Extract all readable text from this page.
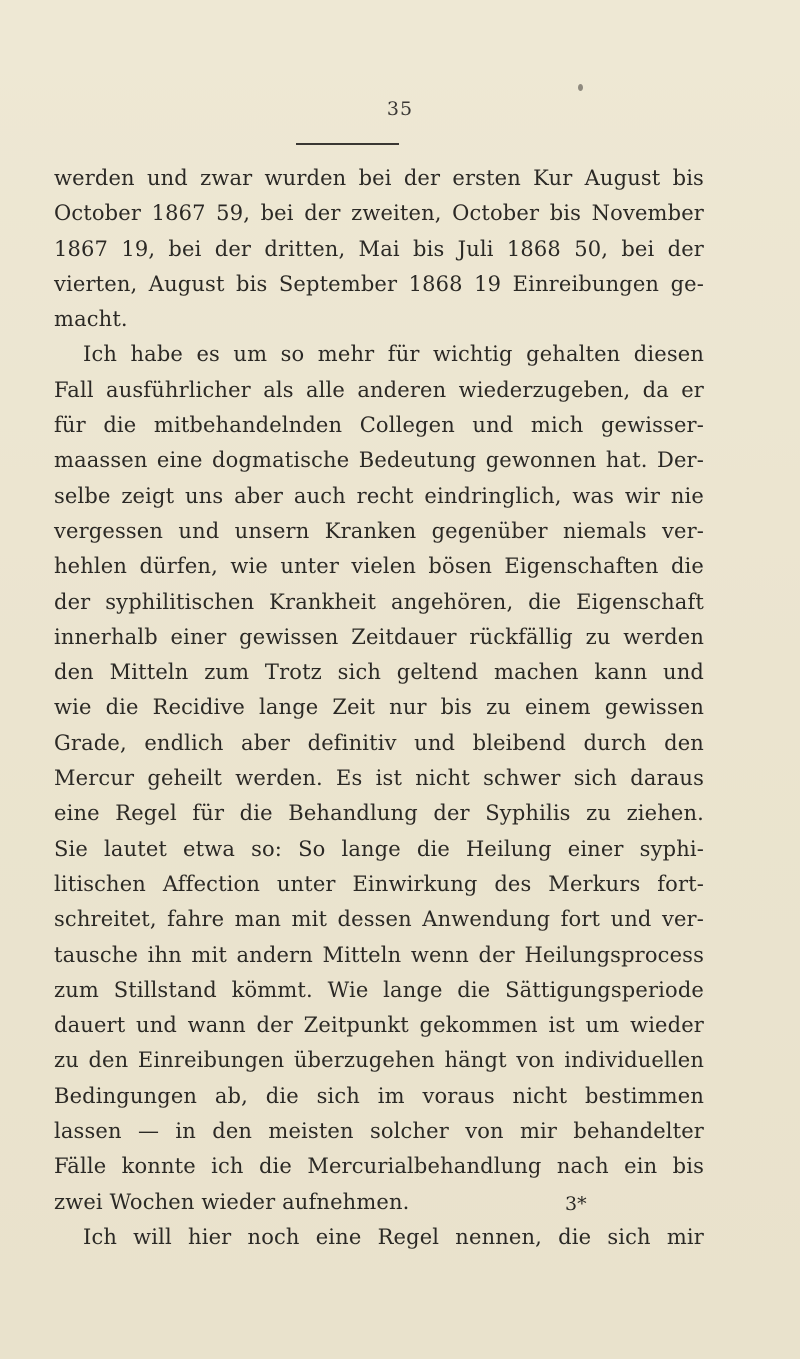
35
werden und zwar wurden bei der ersten Kur August bis
October 1867 59, bei der zweiten, October bis November
1867 19, bei der dritten, Mai bis Juli 1868 50, bei der
vierten, August bis September 1868 19 Einreibungen ge-
macht.
Ich habe es um so mehr für wichtig gehalten diesen
Fall ausführlicher als alle anderen wiederzugeben, da er
für die mitbehandelnden Collegen und mich gewisser-
maassen eine dogmatische Bedeutung gewonnen hat. Der-
selbe zeigt uns aber auch recht eindringlich, was wir nie
vergessen und unsern Kranken gegenüber niemals ver-
hehlen dürfen, wie unter vielen bösen Eigenschaften die
der syphilitischen Krankheit angehören, die Eigenschaft
innerhalb einer gewissen Zeitdauer rückfällig zu werden
den Mitteln zum Trotz sich geltend machen kann und
wie die Recidive lange Zeit nur bis zu einem gewissen
Grade, endlich aber definitiv und bleibend durch den
Mercur geheilt werden. Es ist nicht schwer sich daraus
eine Regel für die Behandlung der Syphilis zu ziehen.
Sie lautet etwa so: So lange die Heilung einer syphi-
litischen Affection unter Einwirkung des Merkurs fort-
schreitet, fahre man mit dessen Anwendung fort und ver-
tausche ihn mit andern Mitteln wenn der Heilungsprocess
zum Stillstand kömmt. Wie lange die Sättigungsperiode
dauert und wann der Zeitpunkt gekommen ist um wieder
zu den Einreibungen überzugehen hängt von individuellen
Bedingungen ab, die sich im voraus nicht bestimmen
lassen — in den meisten solcher von mir behandelter
Fälle konnte ich die Mercurialbehandlung nach ein bis
zwei Wochen wieder aufnehmen.
Ich will hier noch eine Regel nennen, die sich mir
3*
